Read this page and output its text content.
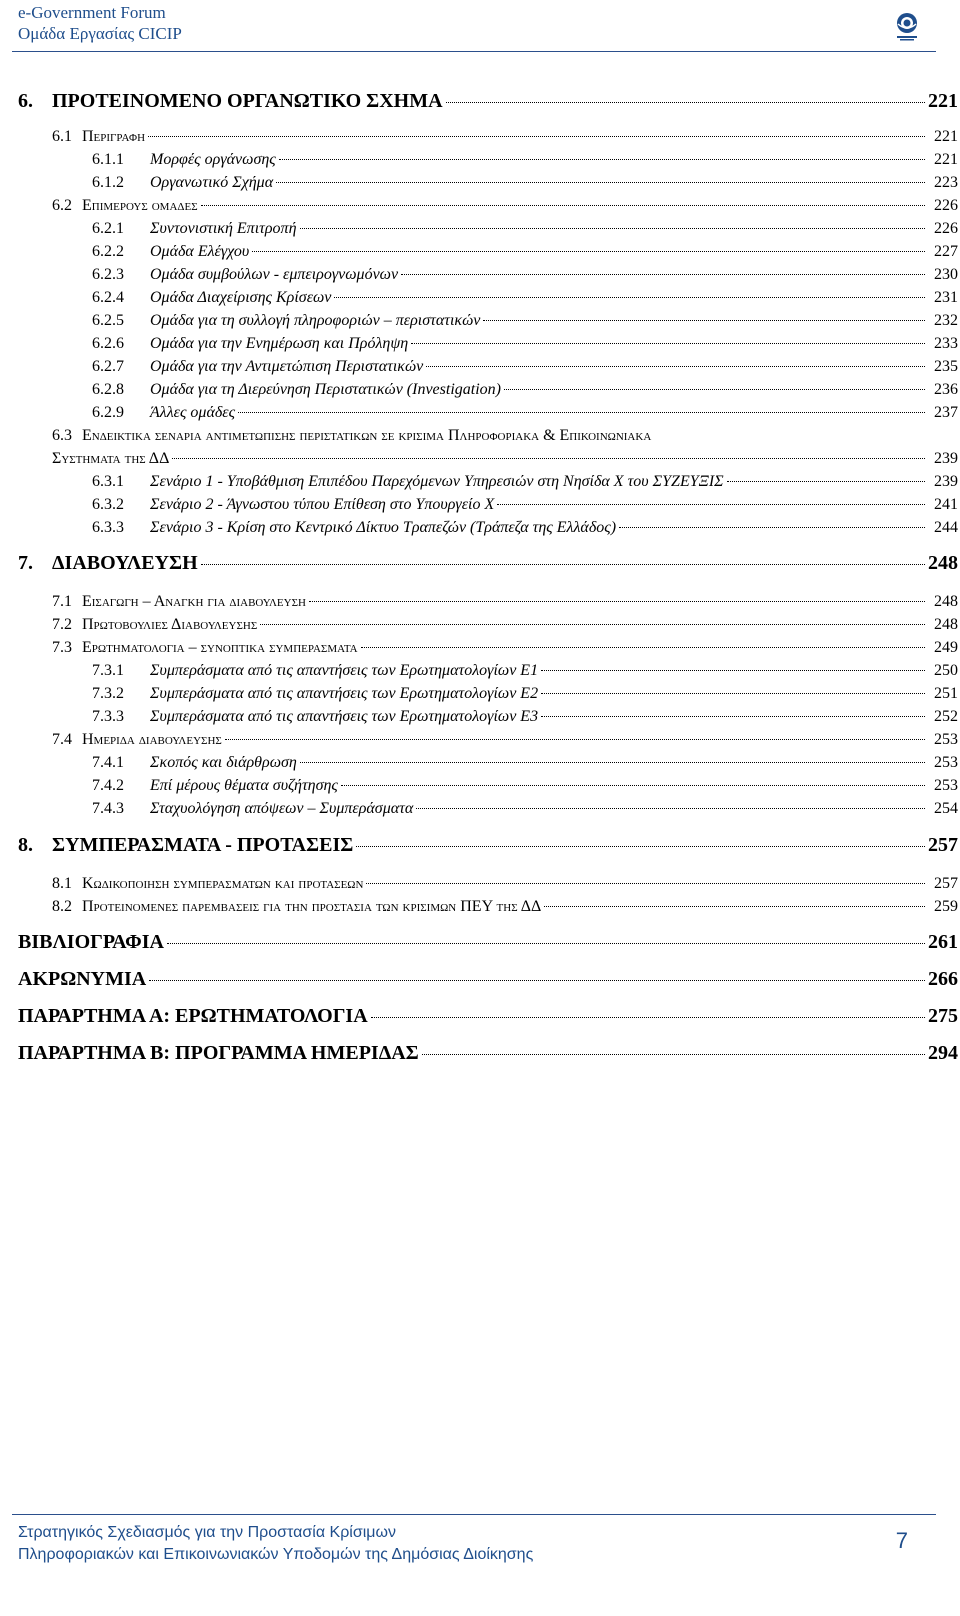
e-Government Forum
Ομάδα Εργασίας CICIP
6. ΠΡΟΤΕΙΝΟΜΕΝΟ ΟΡΓΑΝΩΤΙΚΟ ΣΧΗΜΑ	221
6.1 Περιγραφη	221
6.1.1	Μορφές οργάνωσης	221
6.1.2	Οργανωτικό Σχήμα	223
6.2 Επιμερους ομαδες	226
6.2.1	Συντονιστική Επιτροπή	226
6.2.2	Ομάδα Ελέγχου	227
6.2.3	Ομάδα συμβούλων - εμπειρογνωμόνων	230
6.2.4	Ομάδα Διαχείρισης Κρίσεων	231
6.2.5	Ομάδα για τη συλλογή πληροφοριών – περιστατικών	232
6.2.6	Ομάδα για την Ενημέρωση και Πρόληψη	233
6.2.7	Ομάδα για την Αντιμετώπιση Περιστατικών	235
6.2.8	Ομάδα για τη Διερεύνηση Περιστατικών (Investigation)	236
6.2.9	Άλλες ομάδες	237
6.3 Ενδεικτικα σεναρια αντιμετωπισης περιστατικων σε κρισιμα Πληροφοριακα & Επικοινωνιακα
Συστηματα της ΔΔ	239
6.3.1	Σενάριο 1 - Υποβάθμιση Επιπέδου Παρεχόμενων Υπηρεσιών στη Νησίδα Χ του ΣΥΖΕΥΞΙΣ	239
6.3.2	Σενάριο 2 - Άγνωστου τύπου Επίθεση στο Υπουργείο Χ	241
6.3.3	Σενάριο 3 - Κρίση στο Κεντρικό Δίκτυο Τραπεζών (Τράπεζα της Ελλάδος)	244
7. ΔΙΑΒΟΥΛΕΥΣΗ	248
7.1 Εισαγωγη – Αναγκη για διαβουλευση	248
7.2 Πρωτοβουλιες Διαβουλευσης	248
7.3 Ερωτηματολογια – συνοπτικα συμπερασματα	249
7.3.1	Συμπεράσματα από τις απαντήσεις των Ερωτηματολογίων Ε1	250
7.3.2	Συμπεράσματα από τις απαντήσεις των Ερωτηματολογίων Ε2	251
7.3.3	Συμπεράσματα από τις απαντήσεις των Ερωτηματολογίων Ε3	252
7.4 Ημεριδα διαβουλευσης	253
7.4.1	Σκοπός και διάρθρωση	253
7.4.2	Επί μέρους θέματα συζήτησης	253
7.4.3	Σταχυολόγηση απόψεων – Συμπεράσματα	254
8. ΣΥΜΠΕΡΑΣΜΑΤΑ - ΠΡΟΤΑΣΕΙΣ	257
8.1 Κωδικοποιηση συμπερασματων και προτασεων	257
8.2 Προτεινομενες παρεμβασεις για την προστασια των κρισιμων ΠΕΥ της ΔΔ	259
ΒΙΒΛΙΟΓΡΑΦΙΑ	261
ΑΚΡΩΝΥΜΙΑ	266
ΠΑΡΑΡΤΗΜΑ Α: ΕΡΩΤΗΜΑΤΟΛΟΓΙΑ	275
ΠΑΡΑΡΤΗΜΑ Β: ΠΡΟΓΡΑΜΜΑ ΗΜΕΡΙΔΑΣ	294
Στρατηγικός Σχεδιασμός για την Προστασία Κρίσιμων
Πληροφοριακών και Επικοινωνιακών Υποδομών της Δημόσιας Διοίκησης
7
